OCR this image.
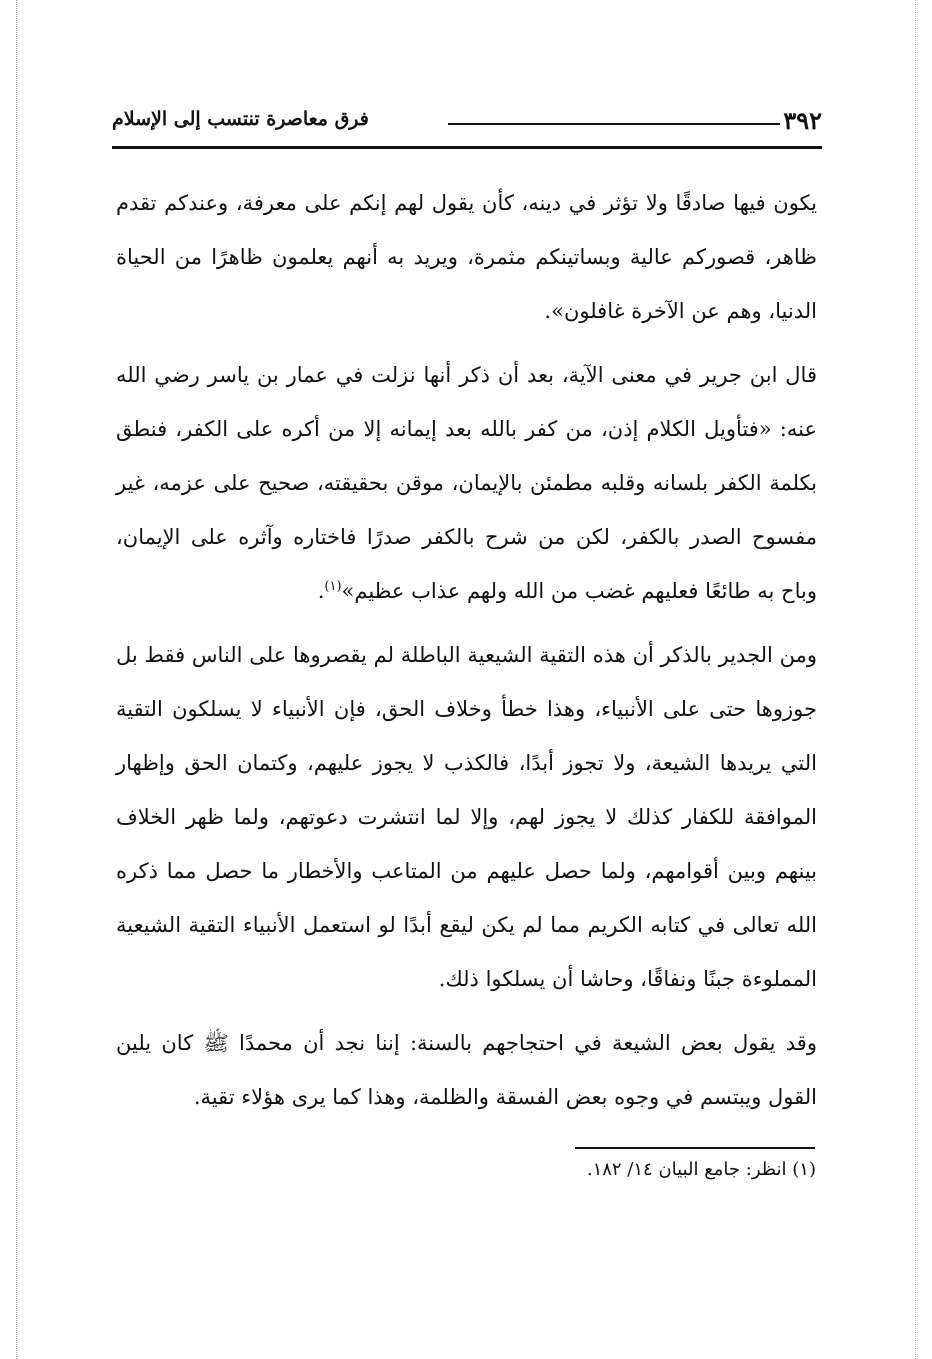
٣٩٢
فرق معاصرة تنتسب إلى الإسلام

يكون فيها صادقًا ولا تؤثر في دينه، كأن يقول لهم إنكم على معرفة، وعندكم تقدم ظاهر، قصوركم عالية وبساتينكم مثمرة، ويريد به أنهم يعلمون ظاهرًا من الحياة الدنيا، وهم عن الآخرة غافلون».

قال ابن جرير في معنى الآية، بعد أن ذكر أنها نزلت في عمار بن ياسر رضي الله عنه: «فتأويل الكلام إذن، من كفر بالله بعد إيمانه إلا من أكره على الكفر، فنطق بكلمة الكفر بلسانه وقلبه مطمئن بالإيمان، موقن بحقيقته، صحيح على عزمه، غير مفسوح الصدر بالكفر، لكن من شرح بالكفر صدرًا فاختاره وآثره على الإيمان، وباح به طائعًا فعليهم غضب من الله ولهم عذاب عظيم»$^{(١)}$.

ومن الجدير بالذكر أن هذه التقية الشيعية الباطلة لم يقصروها على الناس فقط بل جوزوها حتى على الأنبياء، وهذا خطأ وخلاف الحق، فإن الأنبياء لا يسلكون التقية التي يريدها الشيعة، ولا تجوز أبدًا، فالكذب لا يجوز عليهم، وكتمان الحق وإظهار الموافقة للكفار كذلك لا يجوز لهم، وإلا لما انتشرت دعوتهم، ولما ظهر الخلاف بينهم وبين أقوامهم، ولما حصل عليهم من المتاعب والأخطار ما حصل مما ذكره الله تعالى في كتابه الكريم مما لم يكن ليقع أبدًا لو استعمل الأنبياء التقية الشيعية المملوءة جبنًا ونفاقًا، وحاشا أن يسلكوا ذلك.

وقد يقول بعض الشيعة في احتجاجهم بالسنة: إننا نجد أن محمدًا ﷺ كان يلين القول ويبتسم في وجوه بعض الفسقة والظلمة، وهذا كما يرى هؤلاء تقية.

(١) انظر: جامع البيان ١٤/ ١٨٢.
